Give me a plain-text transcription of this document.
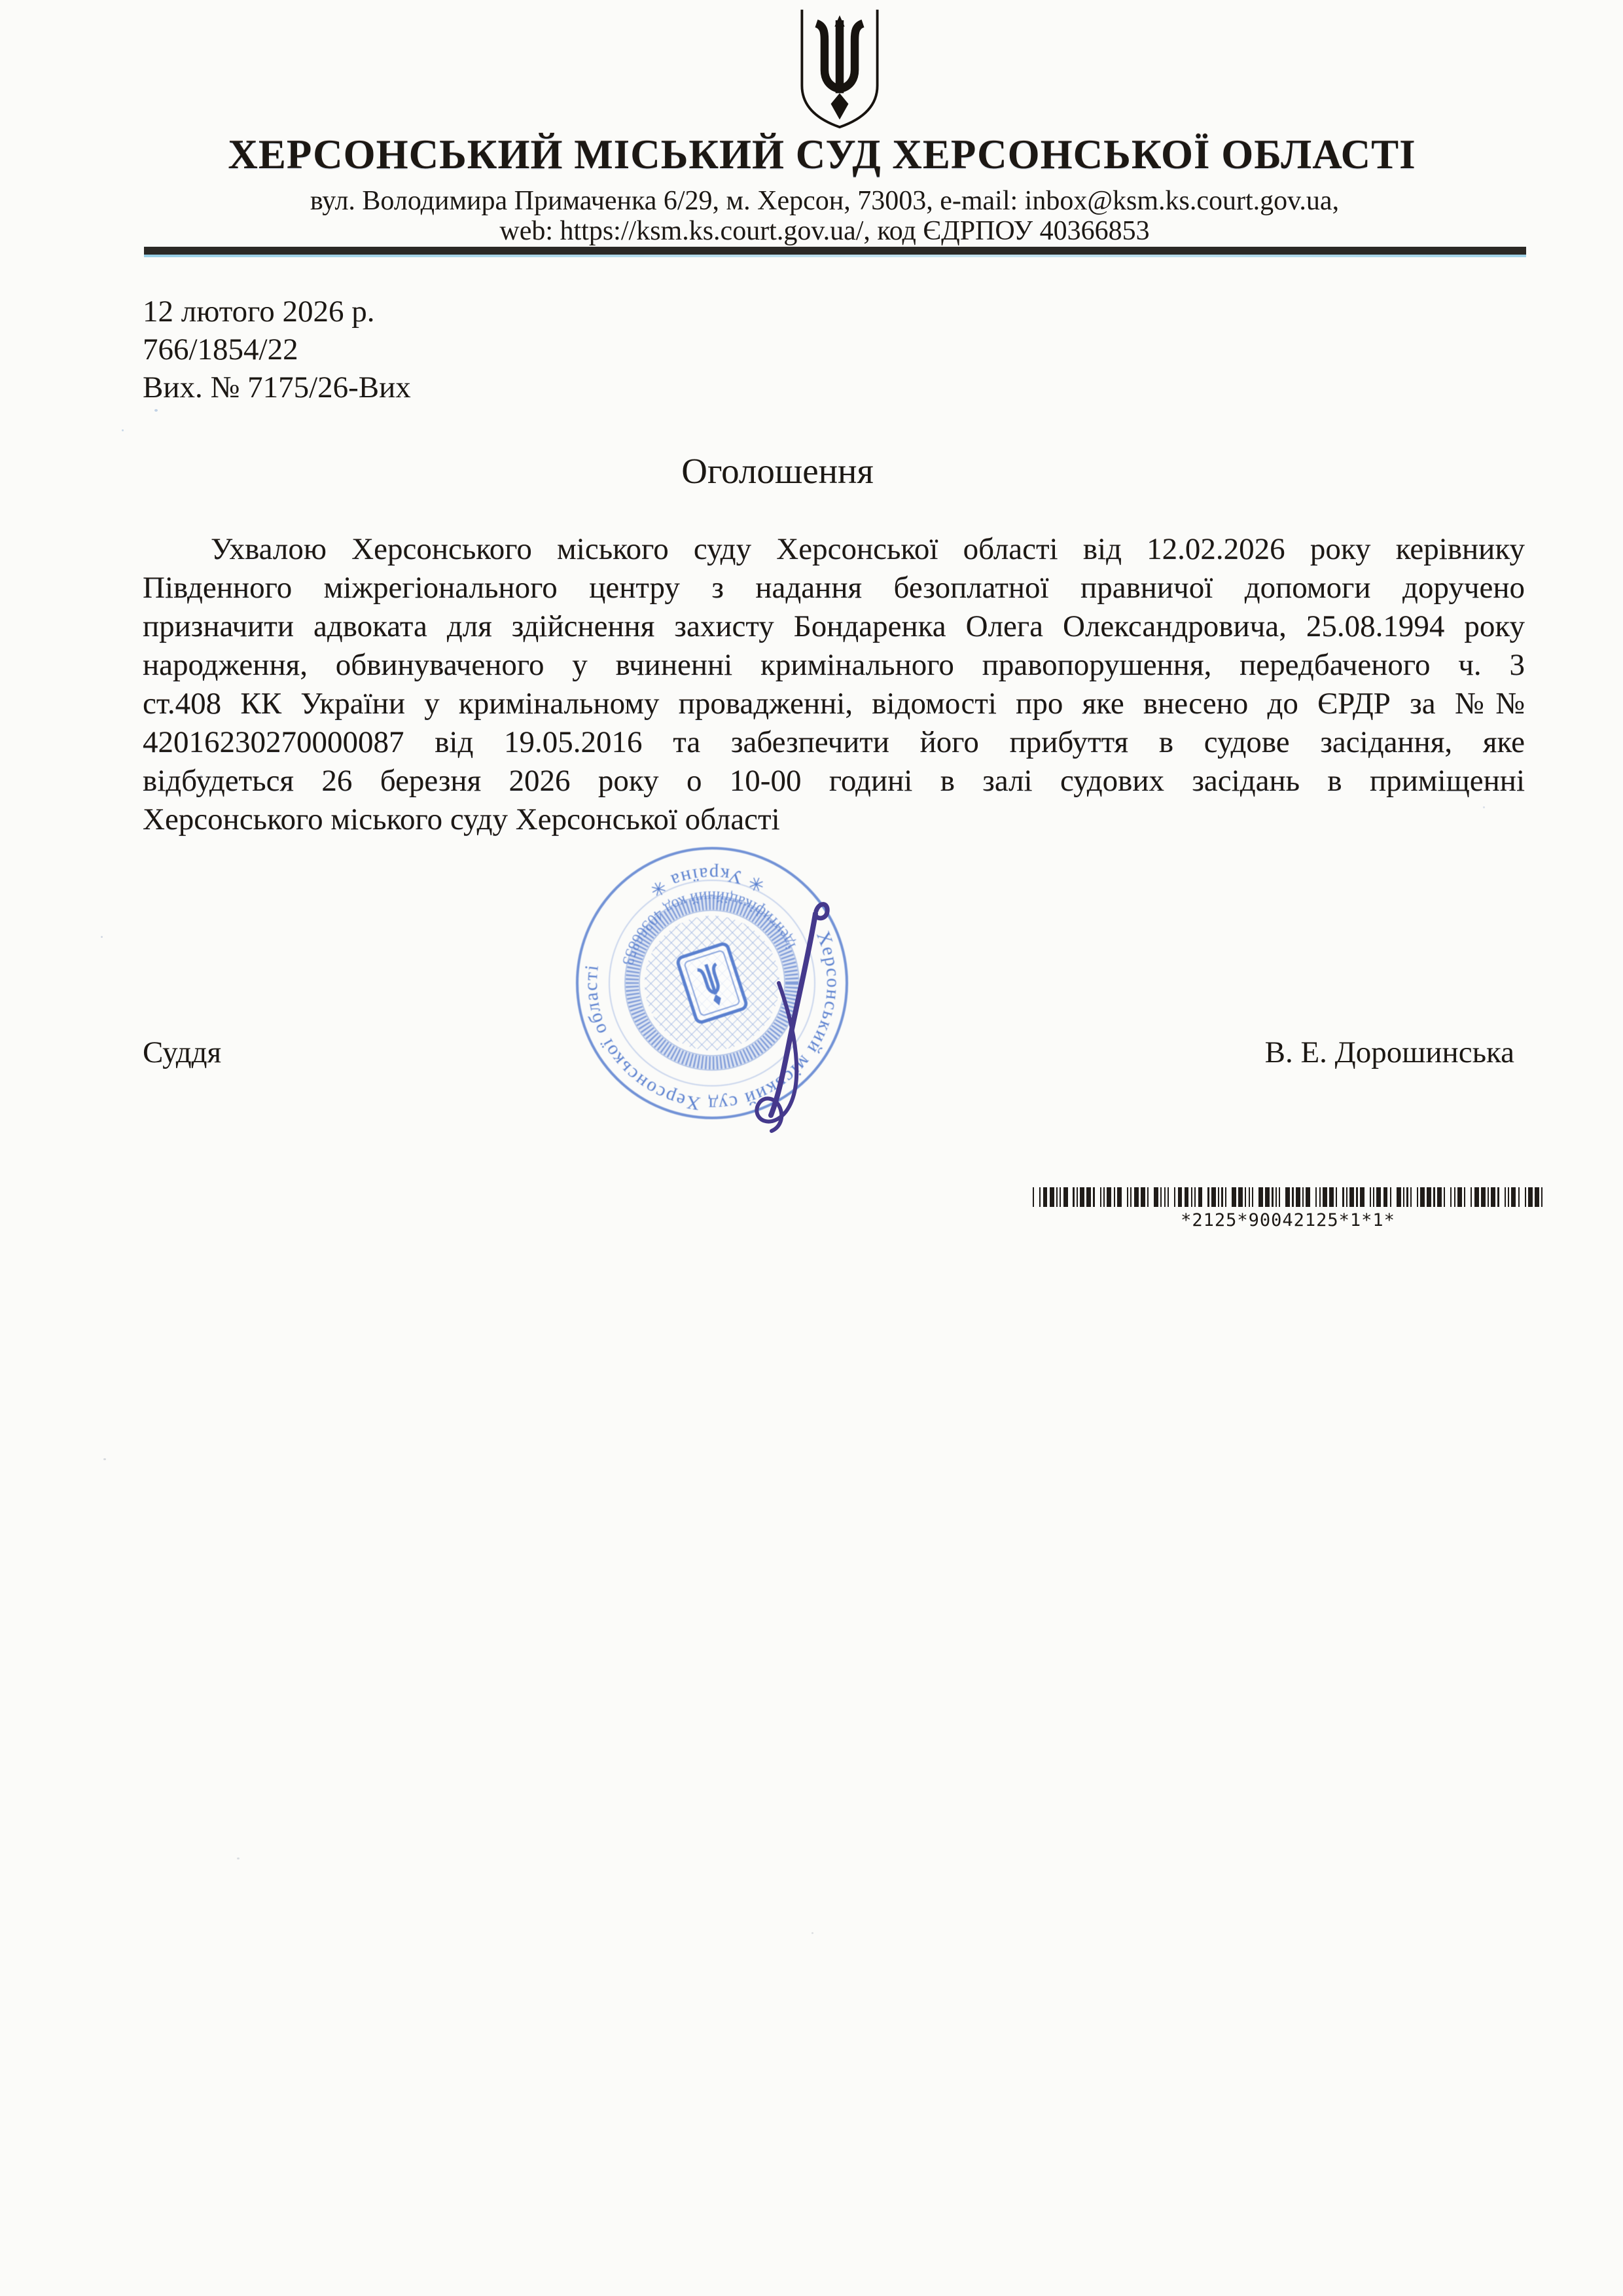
ХЕРСОНСЬКИЙ МІСЬКИЙ СУД ХЕРСОНСЬКОЇ ОБЛАСТІ
вул. Володимира Примаченка 6/29, м. Херсон, 73003, e-mail: inbox@ksm.ks.court.gov.ua,
web: https://ksm.ks.court.gov.ua/, код ЄДРПОУ 40366853
12 лютого 2026 р.
766/1854/22
Вих. № 7175/26-Вих
Оголошення
Ухвалою Херсонського міського суду Херсонської області від 12.02.2026 року керівнику
Південного міжрегіонального центру з надання безоплатної правничої допомоги доручено
призначити адвоката для здійснення захисту Бондаренка Олега Олександровича, 25.08.1994 року
народження, обвинуваченого у вчиненні кримінального правопорушення, передбаченого ч. 3
ст.408 КК України у кримінальному провадженні, відомості про яке внесено до ЄРДР за №№
42016230270000087 від 19.05.2016 та забезпечити його прибуття в судове засідання, яке
відбудеться 26 березня 2026 року о 10-00 годині в залі судових засідань в приміщенні
Херсонського міського суду Херсонської області
Херсонський міський суд Херсонської області
✳ Україна ✳
ідентифікаційний код 40366853
Суддя	В. Е. Дорошинська
*2125*90042125*1*1*
